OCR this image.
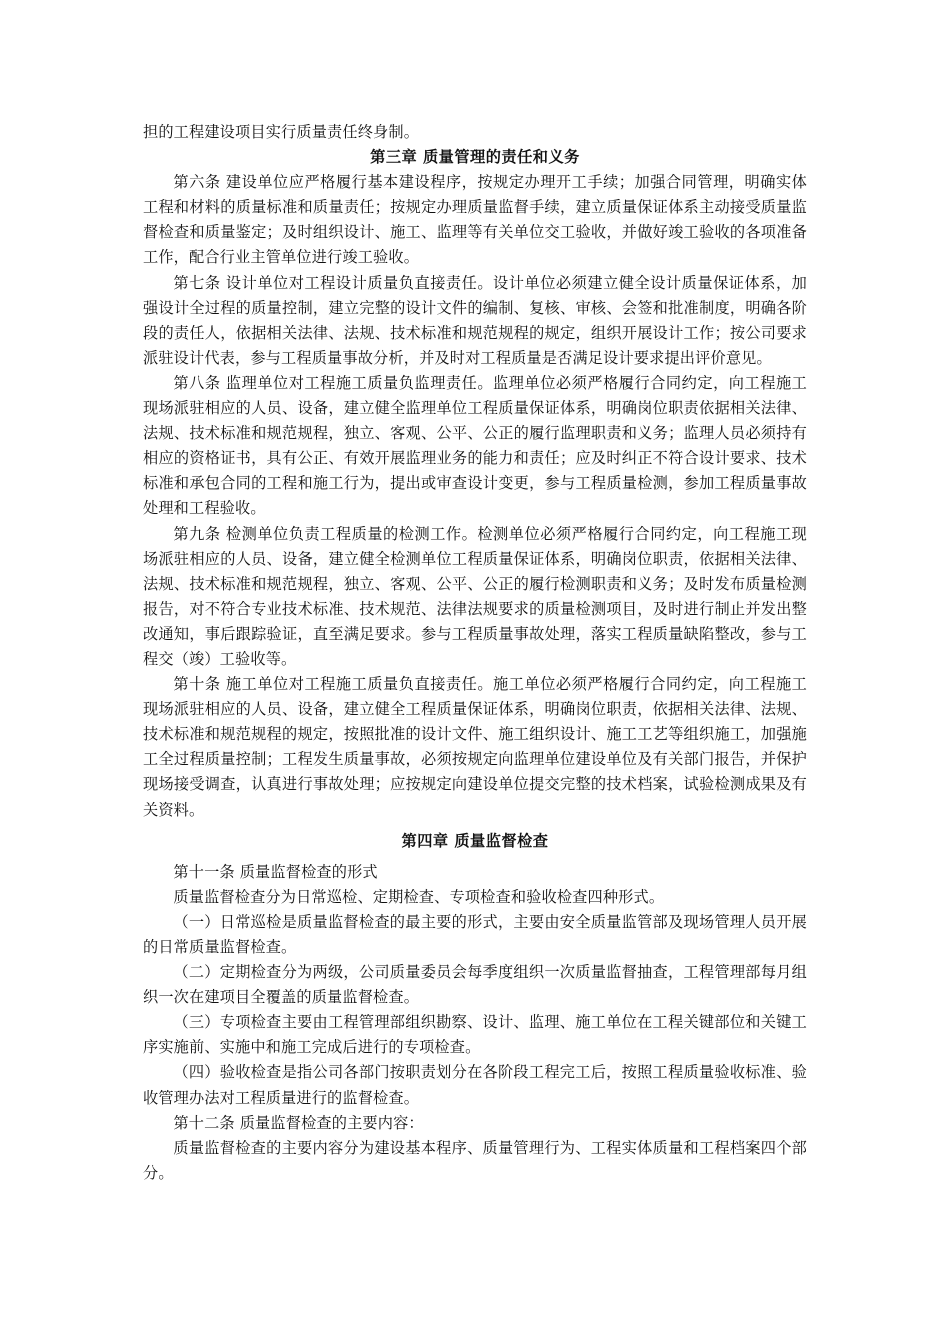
担的工程建设项目实行质量责任终身制。

第三章 质量管理的责任和义务

第六条 建设单位应严格履行基本建设程序，按规定办理开工手续；加强合同管理，明确实体工程和材料的质量标准和质量责任；按规定办理质量监督手续，建立质量保证体系主动接受质量监督检查和质量鉴定；及时组织设计、施工、监理等有关单位交工验收，并做好竣工验收的各项准备工作，配合行业主管单位进行竣工验收。

第七条 设计单位对工程设计质量负直接责任。设计单位必须建立健全设计质量保证体系，加强设计全过程的质量控制，建立完整的设计文件的编制、复核、审核、会签和批准制度，明确各阶段的责任人，依据相关法律、法规、技术标准和规范规程的规定，组织开展设计工作；按公司要求派驻设计代表，参与工程质量事故分析，并及时对工程质量是否满足设计要求提出评价意见。

第八条 监理单位对工程施工质量负监理责任。监理单位必须严格履行合同约定，向工程施工现场派驻相应的人员、设备，建立健全监理单位工程质量保证体系，明确岗位职责依据相关法律、法规、技术标准和规范规程，独立、客观、公平、公正的履行监理职责和义务；监理人员必须持有相应的资格证书，具有公正、有效开展监理业务的能力和责任；应及时纠正不符合设计要求、技术标准和承包合同的工程和施工行为，提出或审查设计变更，参与工程质量检测，参加工程质量事故处理和工程验收。

第九条 检测单位负责工程质量的检测工作。检测单位必须严格履行合同约定，向工程施工现场派驻相应的人员、设备，建立健全检测单位工程质量保证体系，明确岗位职责，依据相关法律、法规、技术标准和规范规程，独立、客观、公平、公正的履行检测职责和义务；及时发布质量检测报告，对不符合专业技术标准、技术规范、法律法规要求的质量检测项目，及时进行制止并发出整改通知，事后跟踪验证，直至满足要求。参与工程质量事故处理，落实工程质量缺陷整改，参与工程交（竣）工验收等。

第十条 施工单位对工程施工质量负直接责任。施工单位必须严格履行合同约定，向工程施工现场派驻相应的人员、设备，建立健全工程质量保证体系，明确岗位职责，依据相关法律、法规、技术标准和规范规程的规定，按照批准的设计文件、施工组织设计、施工工艺等组织施工，加强施工全过程质量控制；工程发生质量事故，必须按规定向监理单位建设单位及有关部门报告，并保护现场接受调查，认真进行事故处理；应按规定向建设单位提交完整的技术档案，试验检测成果及有关资料。

第四章 质量监督检查

第十一条 质量监督检查的形式

质量监督检查分为日常巡检、定期检查、专项检查和验收检查四种形式。

（一）日常巡检是质量监督检查的最主要的形式，主要由安全质量监管部及现场管理人员开展的日常质量监督检查。

（二）定期检查分为两级，公司质量委员会每季度组织一次质量监督抽查，工程管理部每月组织一次在建项目全覆盖的质量监督检查。

（三）专项检查主要由工程管理部组织勘察、设计、监理、施工单位在工程关键部位和关键工序实施前、实施中和施工完成后进行的专项检查。

（四）验收检查是指公司各部门按职责划分在各阶段工程完工后，按照工程质量验收标准、验收管理办法对工程质量进行的监督检查。

第十二条 质量监督检查的主要内容：

质量监督检查的主要内容分为建设基本程序、质量管理行为、工程实体质量和工程档案四个部分。
